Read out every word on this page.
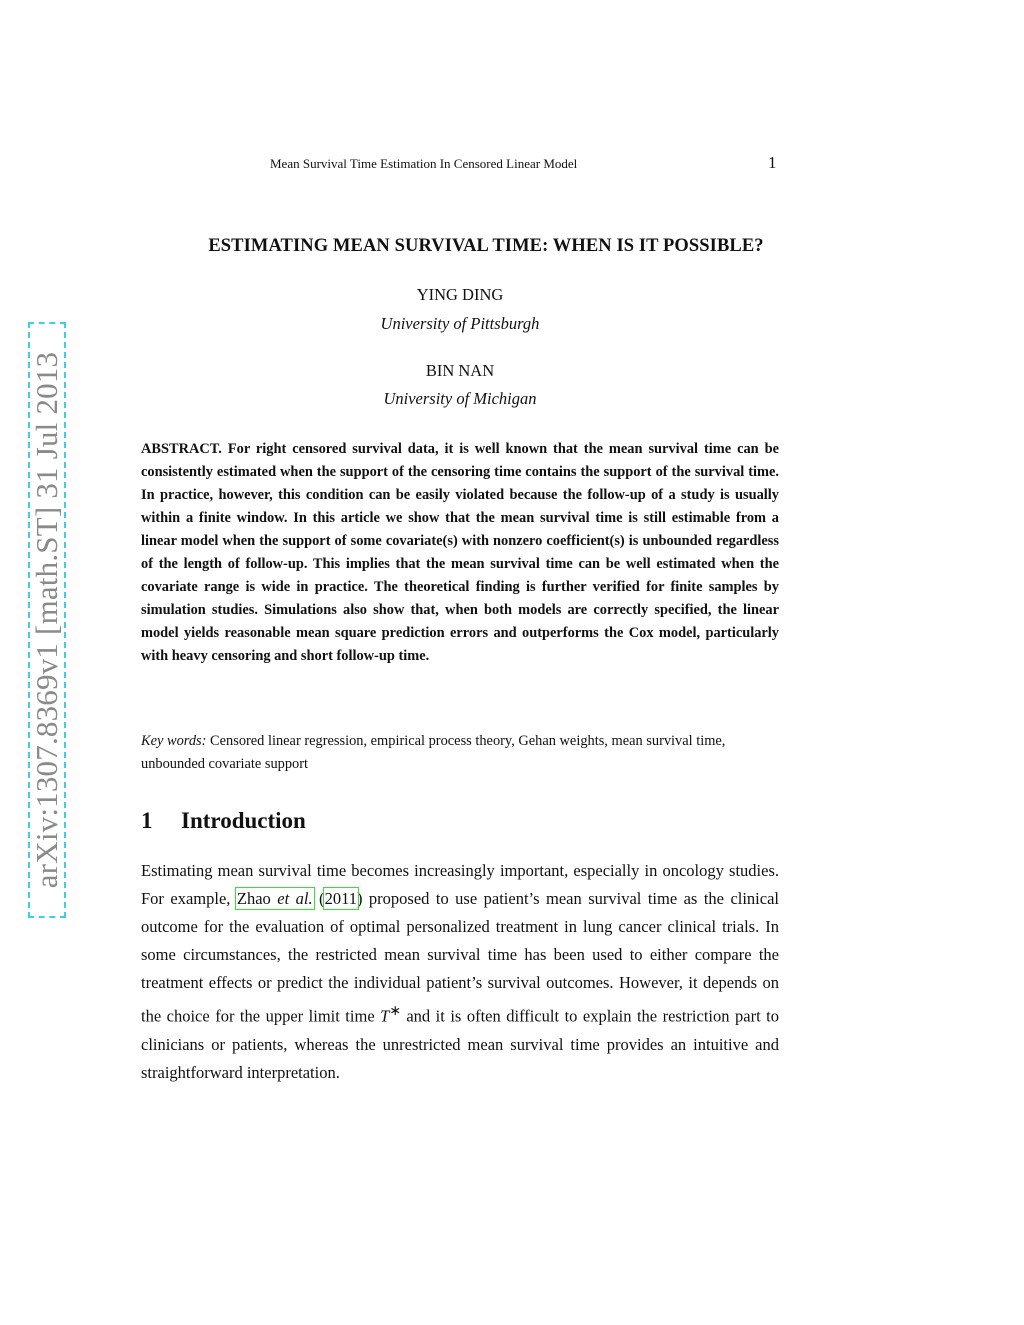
arXiv:1307.8369v1 [math.ST] 31 Jul 2013
Mean Survival Time Estimation In Censored Linear Model	1
ESTIMATING MEAN SURVIVAL TIME: WHEN IS IT POSSIBLE?
YING DING
University of Pittsburgh
BIN NAN
University of Michigan
ABSTRACT. For right censored survival data, it is well known that the mean survival time can be consistently estimated when the support of the censoring time contains the support of the survival time. In practice, however, this condition can be easily violated because the follow-up of a study is usually within a finite window. In this article we show that the mean survival time is still estimable from a linear model when the support of some covariate(s) with nonzero coefficient(s) is unbounded regardless of the length of follow-up. This implies that the mean survival time can be well estimated when the covariate range is wide in practice. The theoretical finding is further verified for finite samples by simulation studies. Simulations also show that, when both models are correctly specified, the linear model yields reasonable mean square prediction errors and outperforms the Cox model, particularly with heavy censoring and short follow-up time.
Key words: Censored linear regression, empirical process theory, Gehan weights, mean survival time, unbounded covariate support
1 Introduction
Estimating mean survival time becomes increasingly important, especially in oncology studies. For example, Zhao et al. (2011) proposed to use patient’s mean survival time as the clinical outcome for the evaluation of optimal personalized treatment in lung cancer clinical trials. In some circumstances, the restricted mean survival time has been used to either compare the treatment effects or predict the individual patient’s survival outcomes. However, it depends on the choice for the upper limit time T∗ and it is often difficult to explain the restriction part to clinicians or patients, whereas the unrestricted mean survival time provides an intuitive and straightforward interpretation.
